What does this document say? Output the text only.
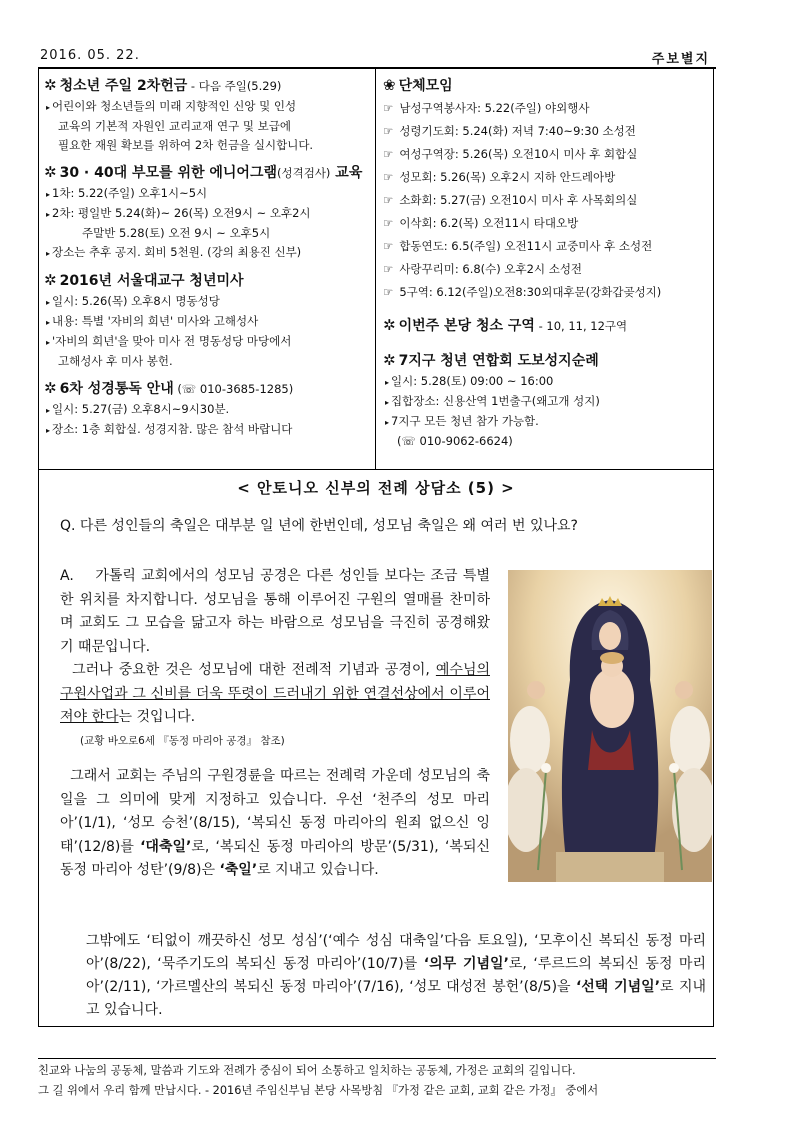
2016. 05. 22.	주보별지
✲ 청소년 주일 2차헌금 - 다음 주일(5.29)
▸ 어린이와 청소년들의 미래 지향적인 신앙 및 인성
교육의 기본적 자원인 교리교재 연구 및 보급에
필요한 재원 확보를 위하여 2차 헌금을 실시합니다.
✲ 30 · 40대 부모를 위한 에니어그램(성격검사) 교육
▸ 1차: 5.22(주일) 오후1시~5시
▸ 2차: 평일반 5.24(화)~ 26(목) 오전9시 ~ 오후2시
주말반 5.28(토) 오전 9시 ~ 오후5시
▸ 장소는 추후 공지. 회비 5천원. (강의 최용진 신부)
✲ 2016년 서울대교구 청년미사
▸ 일시: 5.26(목) 오후8시 명동성당
▸ 내용: 특별 '자비의 희년' 미사와 고해성사
▸ '자비의 희년'을 맞아 미사 전 명동성당 마당에서
고해성사 후 미사 봉헌.
✲ 6차 성경통독 안내 (☏ 010-3685-1285)
▸ 일시: 5.27(금) 오후8시~9시30분.
▸ 장소: 1층 회합실. 성경지참. 많은 참석 바랍니다
❀ 단체모임
☞ 남성구역봉사자: 5.22(주일) 야외행사
☞ 성령기도회: 5.24(화) 저녁 7:40~9:30 소성전
☞ 여성구역장: 5.26(목) 오전10시 미사 후 회합실
☞ 성모회: 5.26(목) 오후2시 지하 안드레아방
☞ 소화회: 5.27(금) 오전10시 미사 후 사목회의실
☞ 이삭회: 6.2(목) 오전11시 타대오방
☞ 합동연도: 6.5(주일) 오전11시 교중미사 후 소성전
☞ 사랑꾸리미: 6.8(수) 오후2시 소성전
☞ 5구역: 6.12(주일)오전8:30외대후문(강화갑곶성지)
✲ 이번주 본당 청소 구역 - 10, 11, 12구역
✲ 7지구 청년 연합회 도보성지순례
▸ 일시: 5.28(토) 09:00 ~ 16:00
▸ 집합장소: 신용산역 1번출구(왜고개 성지)
▸ 7지구 모든 청년 참가 가능함.
(☏ 010-9062-6624)
< 안토니오 신부의 전례 상담소 (5) >
Q. 다른 성인들의 축일은 대부분 일 년에 한번인데, 성모님 축일은 왜 여러 번 있나요?
A. 가톨릭 교회에서의 성모님 공경은 다른 성인들 보다는 조금 특별한 위치를 차지합니다. 성모님을 통해 이루어진 구원의 열매를 찬미하며 교회도 그 모습을 닮고자 하는 바람으로 성모님을 극진히 공경해왔기 때문입니다.
그러나 중요한 것은 성모님에 대한 전례적 기념과 공경이, 예수님의 구원사업과 그 신비를 더욱 뚜렷이 드러내기 위한 연결선상에서 이루어져야 한다는 것입니다.
(교황 바오로6세 『동정 마리아 공경』 참조)
그래서 교회는 주님의 구원경륜을 따르는 전례력 가운데 성모님의 축일을 그 의미에 맞게 지정하고 있습니다. 우선 ‘천주의 성모 마리아’(1/1), ‘성모 승천’(8/15), ‘복되신 동정 마리아의 원죄 없으신 잉태’(12/8)를 ‘대축일’로, ‘복되신 동정 마리아의 방문’(5/31), ‘복되신 동정 마리아 성탄’(9/8)은 ‘축일’로 지내고 있습니다.
그밖에도 ‘티없이 깨끗하신 성모 성심’(‘예수 성심 대축일’다음 토요일), ‘모후이신 복되신 동정 마리아’(8/22), ‘묵주기도의 복되신 동정 마리아’(10/7)를 ‘의무 기념일’로, ‘루르드의 복되신 동정 마리아’(2/11), ‘가르멜산의 복되신 동정 마리아’(7/16), ‘성모 대성전 봉헌’(8/5)을 ‘선택 기념일’로 지내고 있습니다.
친교와 나눔의 공동체, 말씀과 기도와 전례가 중심이 되어 소통하고 일치하는 공동체, 가정은 교회의 길입니다.
그 길 위에서 우리 함께 만납시다. - 2016년 주임신부님 본당 사목방침 『가정 같은 교회, 교회 같은 가정』 중에서
